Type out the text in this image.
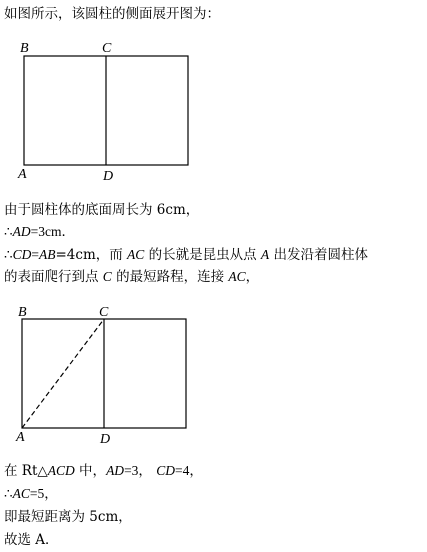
如图所示，该圆柱的侧面展开图为：
B	C
A	D
B	C
A	D
由于圆柱体的底面周长为 6cm，
∴AD=3cm．
∴CD=AB=4cm，而 AC 的长就是昆虫从点 A 出发沿着圆柱体
的表面爬行到点 C 的最短路程，连接 AC，
在 Rt△ACD 中，AD=3， CD=4，
∴AC=5，
即最短距离为 5cm，
故选 A．
